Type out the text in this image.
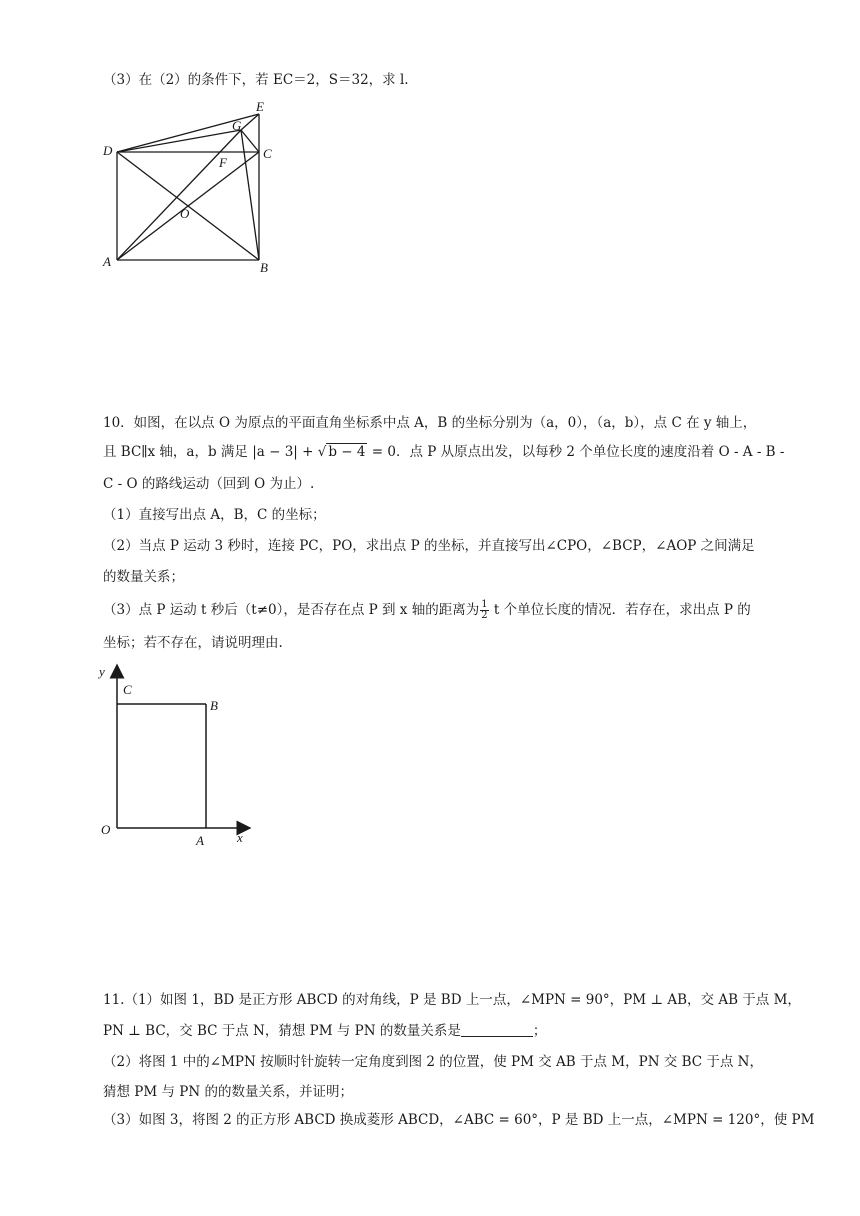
（3）在（2）的条件下，若 EC＝2，S＝32，求 l.
D
A	B
C
E
G
F
O
10．如图，在以点 O 为原点的平面直角坐标系中点 A，B 的坐标分别为（a，0），（a，b），点 C 在 y 轴上，
且 BC∥x 轴，a，b 满足 |a − 3| + √ b − 4 = 0．点 P 从原点出发，以每秒 2 个单位长度的速度沿着 O - A - B -
C - O 的路线运动（回到 O 为止）.
（1）直接写出点 A，B，C 的坐标；
（2）当点 P 运动 3 秒时，连接 PC，PO，求出点 P 的坐标，并直接写出∠CPO，∠BCP，∠AOP 之间满足
的数量关系；
（3）点 P 运动 t 秒后（t≠0），是否存在点 P 到 x 轴的距离为 $\frac{1}{2}$ t 个单位长度的情况．若存在，求出点 P 的
坐标；若不存在，请说明理由.
y
x
C
B
O
A
11.（1）如图 1，BD 是正方形 ABCD 的对角线，P 是 BD 上一点，∠MPN = 90°，PM ⊥ AB，交 AB 于点 M，
PN ⊥ BC，交 BC 于点 N，猜想 PM 与 PN 的数量关系是	；
（2）将图 1 中的∠MPN 按顺时针旋转一定角度到图 2 的位置，使 PM 交 AB 于点 M，PN 交 BC 于点 N，
猜想 PM 与 PN 的的数量关系，并证明；
（3）如图 3，将图 2 的正方形 ABCD 换成菱形 ABCD，∠ABC = 60°，P 是 BD 上一点，∠MPN = 120°，使 PM
